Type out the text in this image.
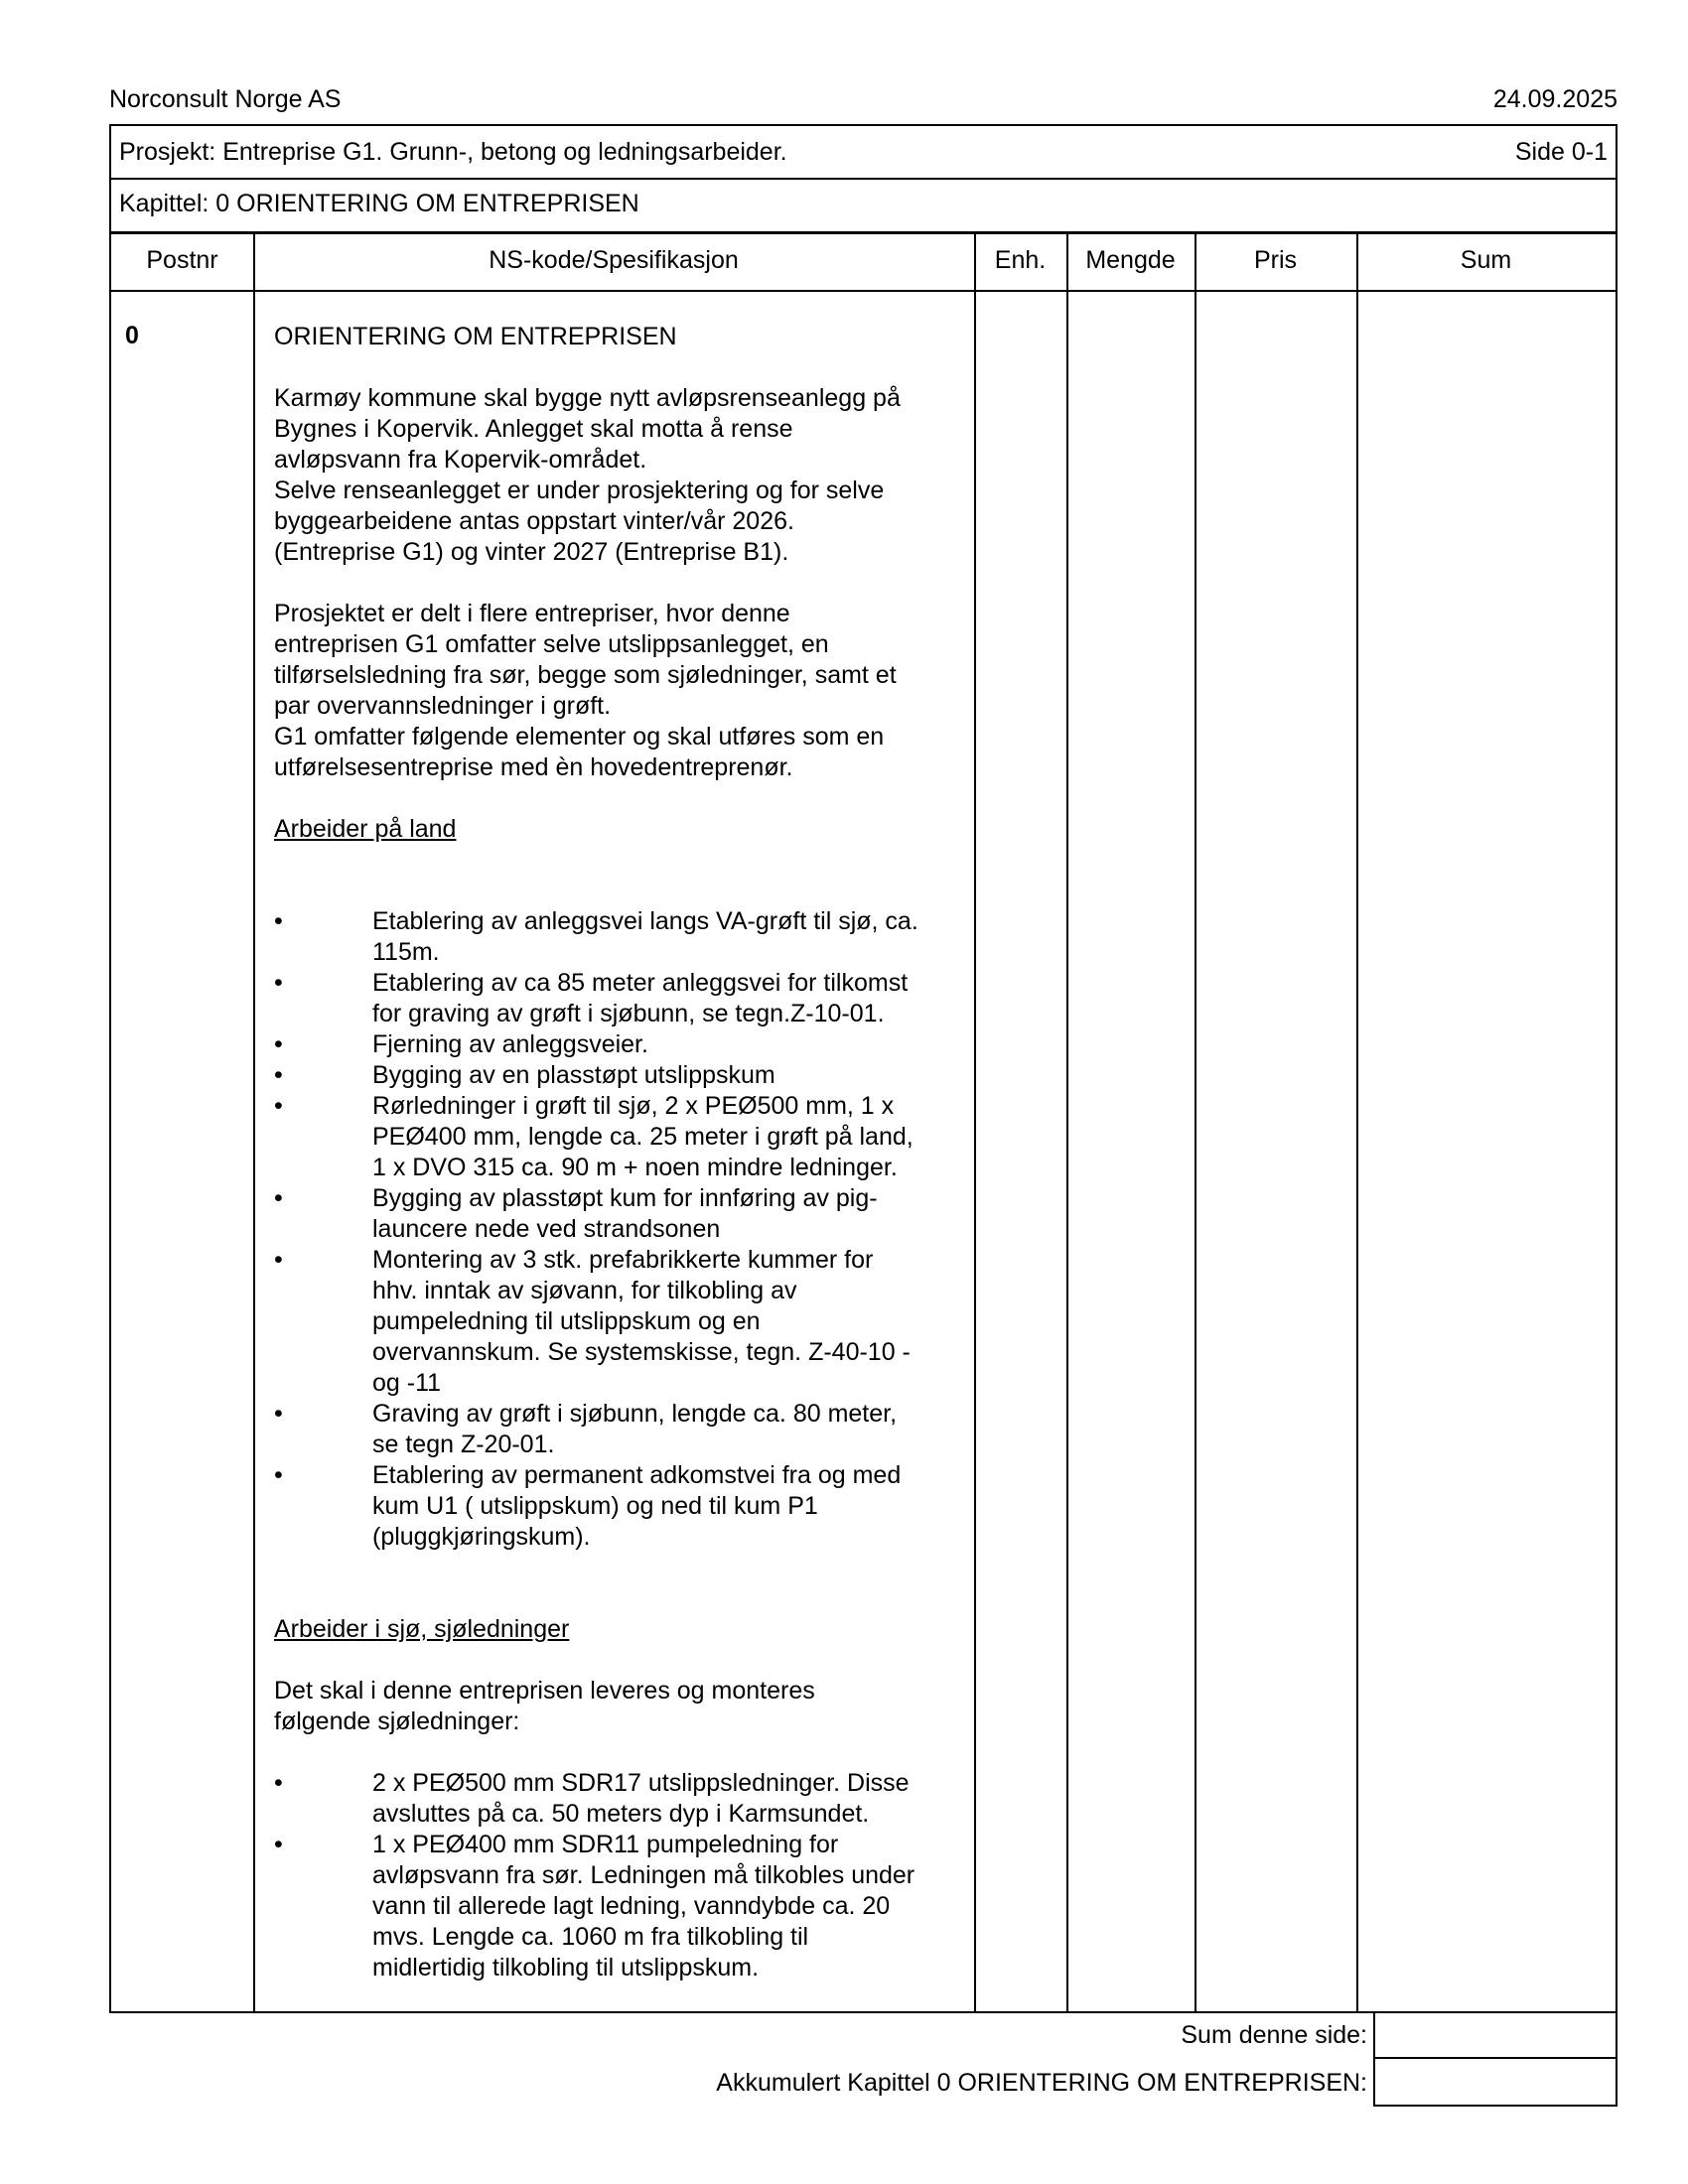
Norconsult Norge AS	24.09.2025
Prosjekt: Entreprise G1. Grunn-, betong og ledningsarbeider.	Side 0-1
Kapittel: 0 ORIENTERING OM ENTREPRISEN
Postnr	NS-kode/Spesifikasjon	Enh.	Mengde	Pris	Sum
0	ORIENTERING OM ENTREPRISEN

Karmøy kommune skal bygge nytt avløpsrenseanlegg på
Bygnes i Kopervik. Anlegget skal motta å rense
avløpsvann fra Kopervik-området.
Selve renseanlegget er under prosjektering og for selve
byggearbeidene antas oppstart vinter/vår 2026.
(Entreprise G1) og vinter 2027 (Entreprise B1).
Prosjektet er delt i flere entrepriser, hvor denne
entreprisen G1 omfatter selve utslippsanlegget, en
tilførselsledning fra sør, begge som sjøledninger, samt et
par overvannsledninger i grøft.
G1 omfatter følgende elementer og skal utføres som en
utførelsesentreprise med èn hovedentreprenør.

Arbeider på land

• Etablering av anleggsvei langs VA-grøft til sjø, ca.
115m.
• Etablering av ca 85 meter anleggsvei for tilkomst
for graving av grøft i sjøbunn, se tegn.Z-10-01.
• Fjerning av anleggsveier.
• Bygging av en plasstøpt utslippskum
• Rørledninger i grøft til sjø, 2 x PEØ500 mm, 1 x
PEØ400 mm, lengde ca. 25 meter i grøft på land,
1 x DVO 315 ca. 90 m + noen mindre ledninger.
• Bygging av plasstøpt kum for innføring av pig-
launcere nede ved strandsonen
• Montering av 3 stk. prefabrikkerte kummer for
hhv. inntak av sjøvann, for tilkobling av
pumpeledning til utslippskum og en
overvannskum. Se systemskisse, tegn. Z-40-10 -
og -11
• Graving av grøft i sjøbunn, lengde ca. 80 meter,
se tegn Z-20-01.
• Etablering av permanent adkomstvei fra og med
kum U1 ( utslippskum) og ned til kum P1
(pluggkjøringskum).

Arbeider i sjø, sjøledninger

Det skal i denne entreprisen leveres og monteres
følgende sjøledninger:
• 2 x PEØ500 mm SDR17 utslippsledninger. Disse
avsluttes på ca. 50 meters dyp i Karmsundet.
• 1 x PEØ400 mm SDR11 pumpeledning for
avløpsvann fra sør. Ledningen må tilkobles under
vann til allerede lagt ledning, vanndybde ca. 20
mvs. Lengde ca. 1060 m fra tilkobling til
midlertidig tilkobling til utslippskum.
Sum denne side:
Akkumulert Kapittel 0 ORIENTERING OM ENTREPRISEN:
